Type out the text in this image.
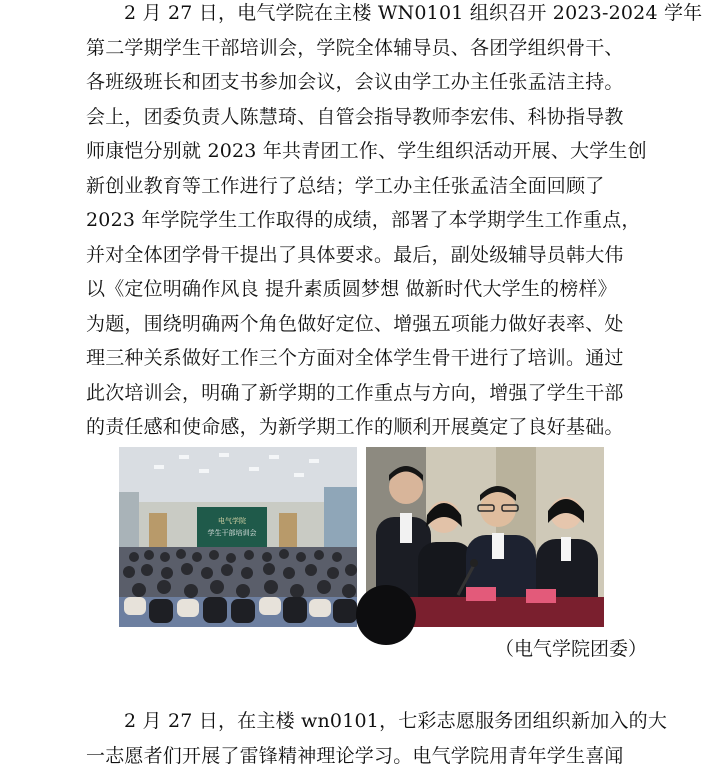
2 月 27 日，电气学院在主楼 WN0101 组织召开 2023-2024 学年
第二学期学生干部培训会，学院全体辅导员、各团学组织骨干、
各班级班长和团支书参加会议，会议由学工办主任张孟洁主持。
会上，团委负责人陈慧琦、自管会指导教师李宏伟、科协指导教
师康恺分别就 2023 年共青团工作、学生组织活动开展、大学生创
新创业教育等工作进行了总结；学工办主任张孟洁全面回顾了
2023 年学院学生工作取得的成绩，部署了本学期学生工作重点，
并对全体团学骨干提出了具体要求。最后，副处级辅导员韩大伟
以《定位明确作风良 提升素质圆梦想 做新时代大学生的榜样》
为题，围绕明确两个角色做好定位、增强五项能力做好表率、处
理三种关系做好工作三个方面对全体学生骨干进行了培训。通过
此次培训会，明确了新学期的工作重点与方向，增强了学生干部
的责任感和使命感，为新学期工作的顺利开展奠定了良好基础。

电气学院
学生干部培训会
（电气学院团委）

2 月 27 日，在主楼 wn0101，七彩志愿服务团组织新加入的大
一志愿者们开展了雷锋精神理论学习。电气学院用青年学生喜闻
